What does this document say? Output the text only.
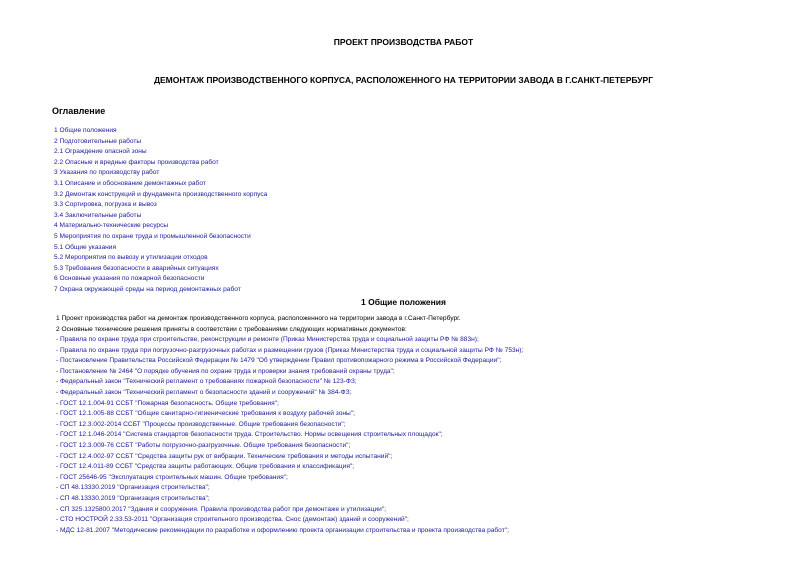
ПРОЕКТ ПРОИЗВОДСТВА РАБОТ
ДЕМОНТАЖ ПРОИЗВОДСТВЕННОГО КОРПУСА, РАСПОЛОЖЕННОГО НА ТЕРРИТОРИИ ЗАВОДА В Г.САНКТ-ПЕТЕРБУРГ
Оглавление
1 Общие положения
2 Подготовительные работы
2.1 Ограждение опасной зоны
2.2 Опасные и вредные факторы производства работ
3 Указания по производству работ
3.1 Описание и обоснование демонтажных работ
3.2 Демонтаж конструкций и фундамента производственного корпуса
3.3 Сортировка, погрузка и вывоз
3.4 Заключительные работы
4 Материально-технические ресурсы
5 Мероприятия по охране труда и промышленной безопасности
5.1 Общие указания
5.2 Мероприятия по вывозу и утилизации отходов
5.3 Требования безопасности в аварийных ситуациях
6 Основные указания по пожарной безопасности
7 Охрана окружающей среды на период демонтажных работ
1 Общие положения
1 Проект производства работ на демонтаж производственного корпуса, расположенного на территории завода в г.Санкт-Петербург.
2 Основные технические решения приняты в соответствии с требованиями следующих нормативных документов:
- Правила по охране труда при строительстве, реконструкции и ремонте (Приказ Министерства труда и социальной защиты РФ № 883н);
- Правила по охране труда при погрузочно-разгрузочных работах и размещении грузов (Приказ Министерства труда и социальной защиты РФ № 753н);
- Постановление Правительства Российской Федерации № 1479 "Об утверждении Правил противопожарного режима в Российской Федерации";
- Постановление № 2464 "О порядке обучения по охране труда и проверки знания требований охраны труда";
- Федеральный закон "Технический регламент о требованиях пожарной безопасности" № 123-ФЗ;
- Федеральный закон "Технический регламент о безопасности зданий и сооружений" № 384-ФЗ;
- ГОСТ 12.1.004-91 ССБТ "Пожарная безопасность. Общие требования";
- ГОСТ 12.1.005-88 ССБТ "Общие санитарно-гигиенические требования к воздуху рабочей зоны";
- ГОСТ 12.3.002-2014 ССБТ "Процессы производственные. Общие требования безопасности";
- ГОСТ 12.1.046-2014 "Система стандартов безопасности труда. Строительство. Нормы освещения строительных площадок";
- ГОСТ 12.3.009-76 ССБТ "Работы погрузочно-разгрузочные. Общие требования безопасности";
- ГОСТ 12.4.002-97 ССБТ "Средства защиты рук от вибрации. Технические требования и методы испытаний";
- ГОСТ 12.4.011-89 ССБТ "Средства защиты работающих. Общие требования и классификация";
- ГОСТ 25646-95 "Эксплуатация строительных машин. Общие требования";
- СП 48.13330.2019 "Организация строительства";
- СП 48.13330.2019 "Организация строительства";
- СП 325.1325800.2017 "Здания и сооружения. Правила производства работ при демонтаже и утилизации";
- СТО НОСТРОЙ 2.33.53-2011 "Организация строительного производства. Снос (демонтаж) зданий и сооружений";
- МДС 12-81.2007 "Методические рекомендации по разработке и оформлению проекта организации строительства и проекта производства работ";
